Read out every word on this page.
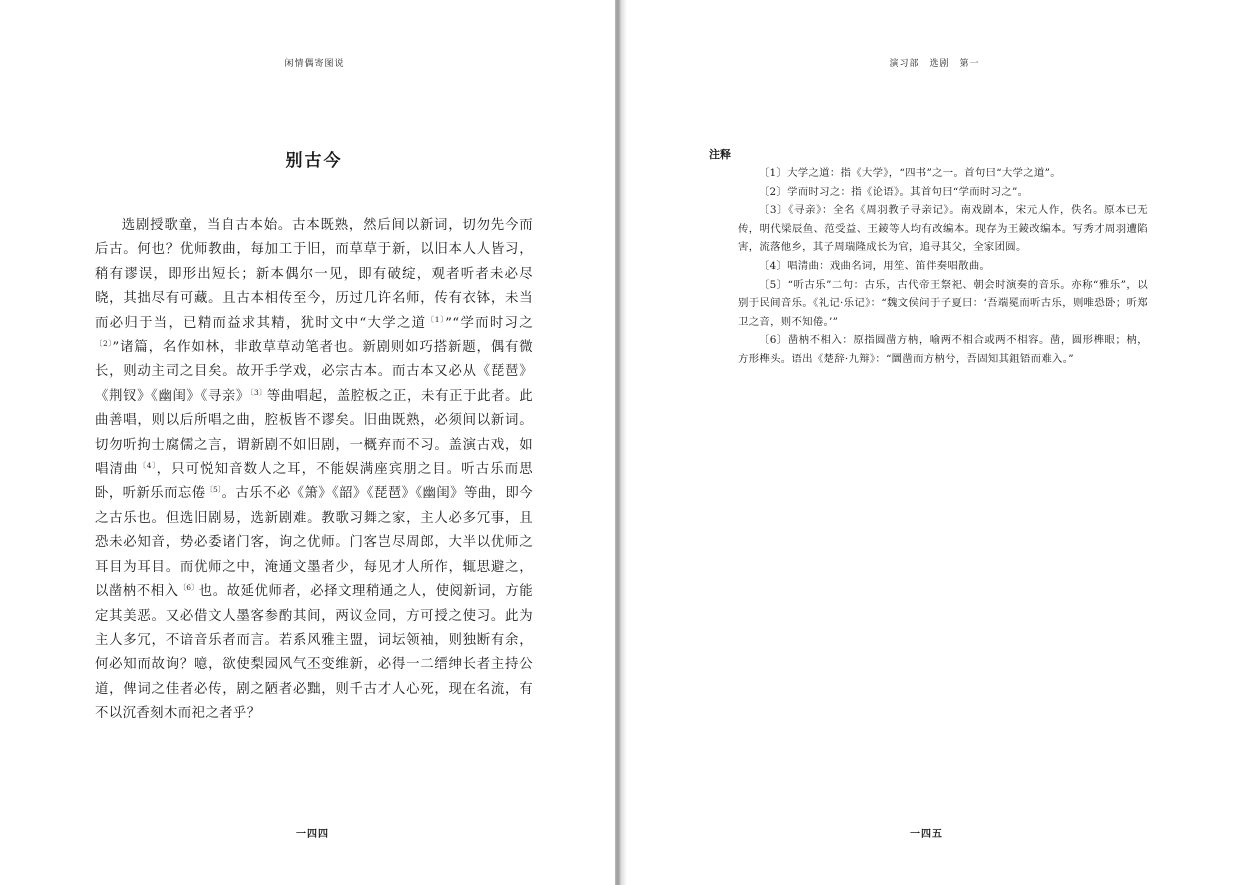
闲情偶寄图说
别古今

选剧授歌童，当自古本始。古本既熟，然后间以新词，切勿先今而后古。何也？优师教曲，每加工于旧，而草草于新，以旧本人人皆习，稍有谬误，即形出短长；新本偶尔一见，即有破绽，观者听者未必尽晓，其拙尽有可藏。且古本相传至今，历过几许名师，传有衣钵，未当而必归于当，已精而益求其精，犹时文中“大学之道$^{〔1〕}$”“学而时习之$^{〔2〕}$”诸篇，名作如林，非敢草草动笔者也。新剧则如巧搭新题，偶有微长，则动主司之目矣。故开手学戏，必宗古本。而古本又必从《琵琶》《荆钗》《幽闺》《寻亲》$^{〔3〕}$等曲唱起，盖腔板之正，未有正于此者。此曲善唱，则以后所唱之曲，腔板皆不谬矣。旧曲既熟，必须间以新词。切勿听拘士腐儒之言，谓新剧不如旧剧，一概弃而不习。盖演古戏，如唱清曲$^{〔4〕}$，只可悦知音数人之耳，不能娱满座宾朋之目。听古乐而思卧，听新乐而忘倦$^{〔5〕}$。古乐不必《箫》《韶》《琵琶》《幽闺》等曲，即今之古乐也。但选旧剧易，选新剧难。教歌习舞之家，主人必多冗事，且恐未必知音，势必委诸门客，询之优师。门客岂尽周郎，大半以优师之耳目为耳目。而优师之中，淹通文墨者少，每见才人所作，辄思避之，以凿枘不相入$^{〔6〕}$也。故延优师者，必择文理稍通之人，使阅新词，方能定其美恶。又必借文人墨客参酌其间，两议佥同，方可授之使习。此为主人多冗，不谙音乐者而言。若系风雅主盟，词坛领袖，则独断有余，何必知而故询？噫，欲使梨园风气丕变维新，必得一二缙绅长者主持公道，俾词之佳者必传，剧之陋者必黜，则千古才人心死，现在名流，有不以沉香刻木而祀之者乎？

一四四
演习部　选剧　第一
注释

〔1〕大学之道：指《大学》，“四书”之一。首句曰“大学之道”。

〔2〕学而时习之：指《论语》。其首句曰“学而时习之”。

〔3〕《寻亲》：全名《周羽教子寻亲记》。南戏剧本，宋元人作，佚名。原本已无传，明代梁辰鱼、范受益、王錂等人均有改编本。现存为王錂改编本。写秀才周羽遭陷害，流落他乡，其子周瑞隆成长为官，追寻其父，全家团圆。

〔4〕唱清曲：戏曲名词，用笙、笛伴奏唱散曲。

〔5〕“听古乐”二句：古乐，古代帝王祭祀、朝会时演奏的音乐。亦称“雅乐”，以别于民间音乐。《礼记·乐记》：“魏文侯问于子夏曰：‘吾端冕而听古乐，则唯恐卧；听郑卫之音，则不知倦。’”

〔6〕凿枘不相入：原指圆凿方枘，喻两不相合或两不相容。凿，圆形榫眼；枘，方形榫头。语出《楚辞·九辩》：“圜凿而方枘兮，吾固知其鉏铻而难入。”

一四五
